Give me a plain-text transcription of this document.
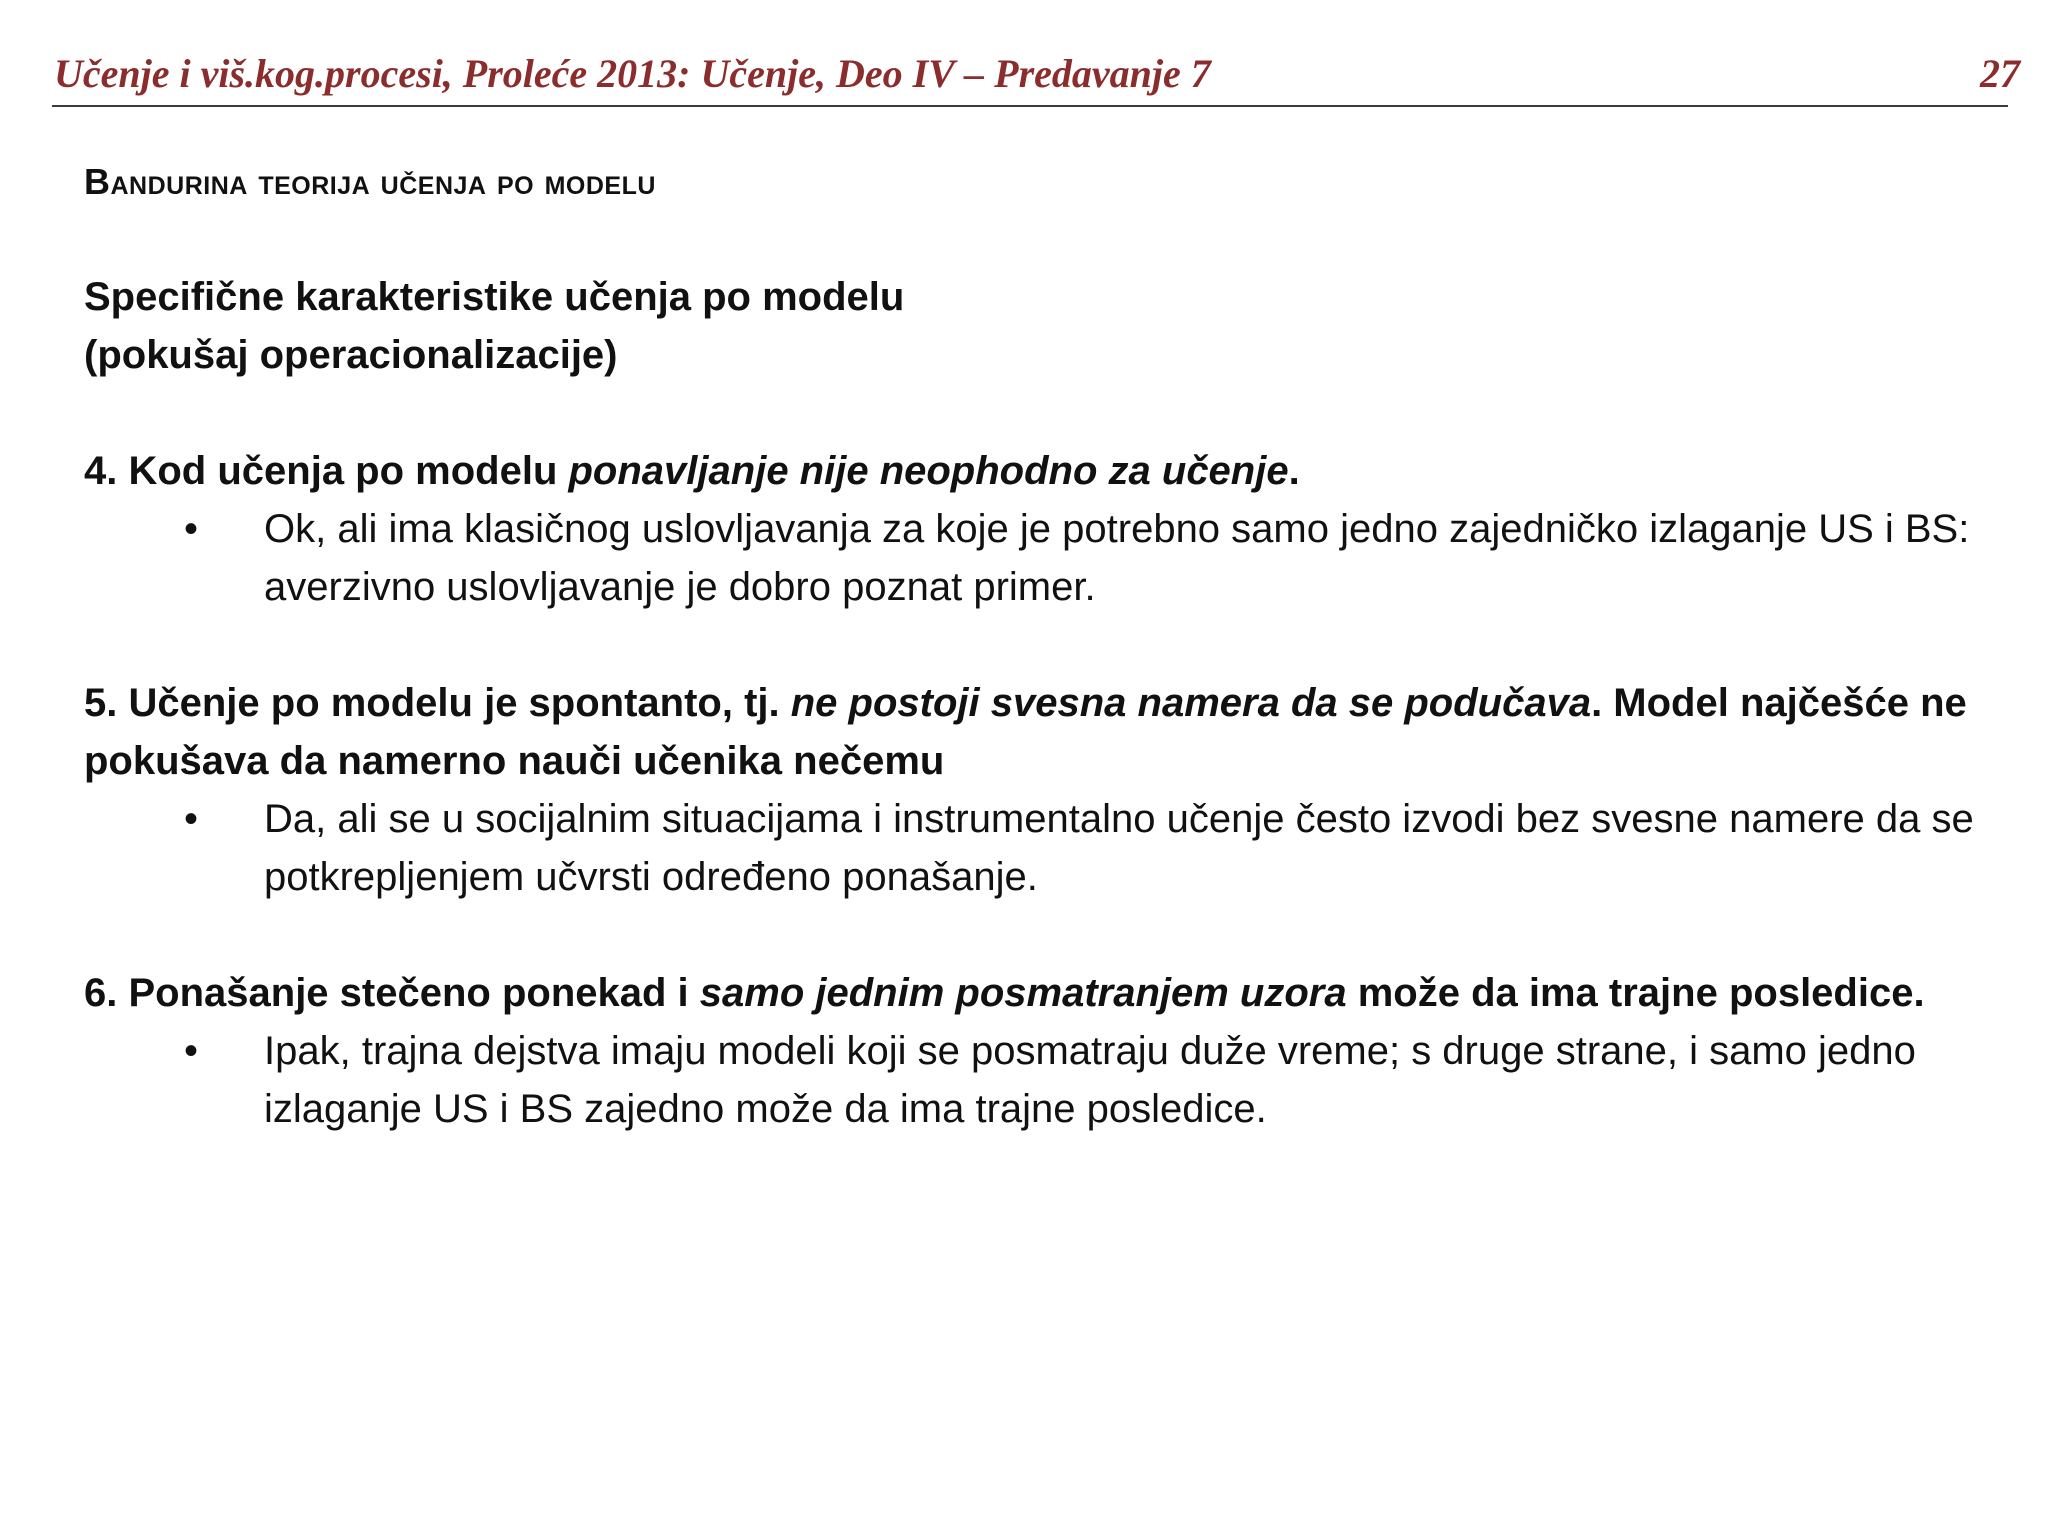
Učenje i viš.kog.procesi, Proleće 2013: Učenje, Deo IV – Predavanje 7	27

Bandurina teorija učenja po modelu

Specifične karakteristike učenja po modelu
(pokušaj operacionalizacije)

4. Kod učenja po modelu ponavljanje nije neophodno za učenje.

• Ok, ali ima klasičnog uslovljavanja za koje je potrebno samo jedno zajedničko izlaganje US i BS: averzivno uslovljavanje je dobro poznat primer.

5. Učenje po modelu je spontanto, tj. ne postoji svesna namera da se podučava. Model najčešće ne pokušava da namerno nauči učenika nečemu

• Da, ali se u socijalnim situacijama i instrumentalno učenje često izvodi bez svesne namere da se potkrepljenjem učvrsti određeno ponašanje.

6. Ponašanje stečeno ponekad i samo jednim posmatranjem uzora može da ima trajne posledice.

• Ipak, trajna dejstva imaju modeli koji se posmatraju duže vreme; s druge strane, i samo jedno izlaganje US i BS zajedno može da ima trajne posledice.
